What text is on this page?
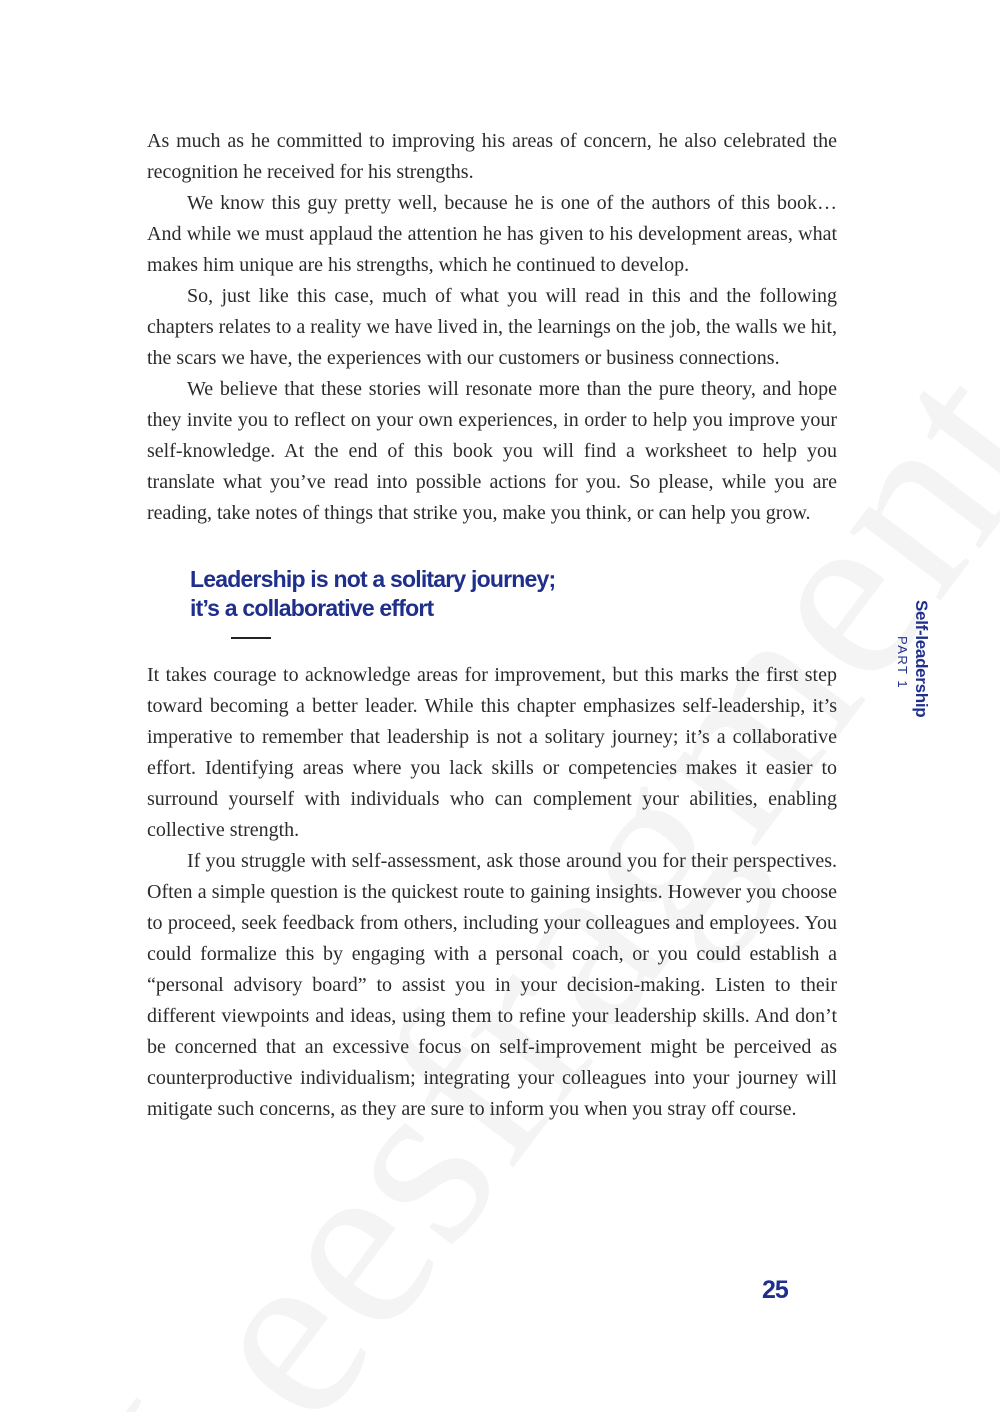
As much as he committed to improving his areas of concern, he also celebrated the recognition he received for his strengths.

We know this guy pretty well, because he is one of the authors of this book… And while we must applaud the attention he has given to his development areas, what makes him unique are his strengths, which he continued to develop.

So, just like this case, much of what you will read in this and the following chapters relates to a reality we have lived in, the learnings on the job, the walls we hit, the scars we have, the experiences with our customers or business connections.

We believe that these stories will resonate more than the pure theory, and hope they invite you to reflect on your own experiences, in order to help you improve your self-knowledge. At the end of this book you will find a worksheet to help you translate what you’ve read into possible actions for you. So please, while you are reading, take notes of things that strike you, make you think, or can help you grow.

Leadership is not a solitary journey;
it’s a collaborative effort

It takes courage to acknowledge areas for improvement, but this marks the first step toward becoming a better leader. While this chapter emphasizes self-leadership, it’s imperative to remember that leadership is not a solitary journey; it’s a collaborative effort. Identifying areas where you lack skills or competencies makes it easier to surround yourself with individuals who can complement your abilities, enabling collective strength.

If you struggle with self-assessment, ask those around you for their perspectives. Often a simple question is the quickest route to gaining insights. However you choose to proceed, seek feedback from others, including your colleagues and employees. You could formalize this by engaging with a personal coach, or you could establish a “personal advisory board” to assist you in your decision-making. Listen to their different viewpoints and ideas, using them to refine your leadership skills. And don’t be concerned that an excessive focus on self-improvement might be perceived as counterproductive individualism; integrating your colleagues into your journey will mitigate such concerns, as they are sure to inform you when you stray off course.

Self-leadership
PART 1
25
